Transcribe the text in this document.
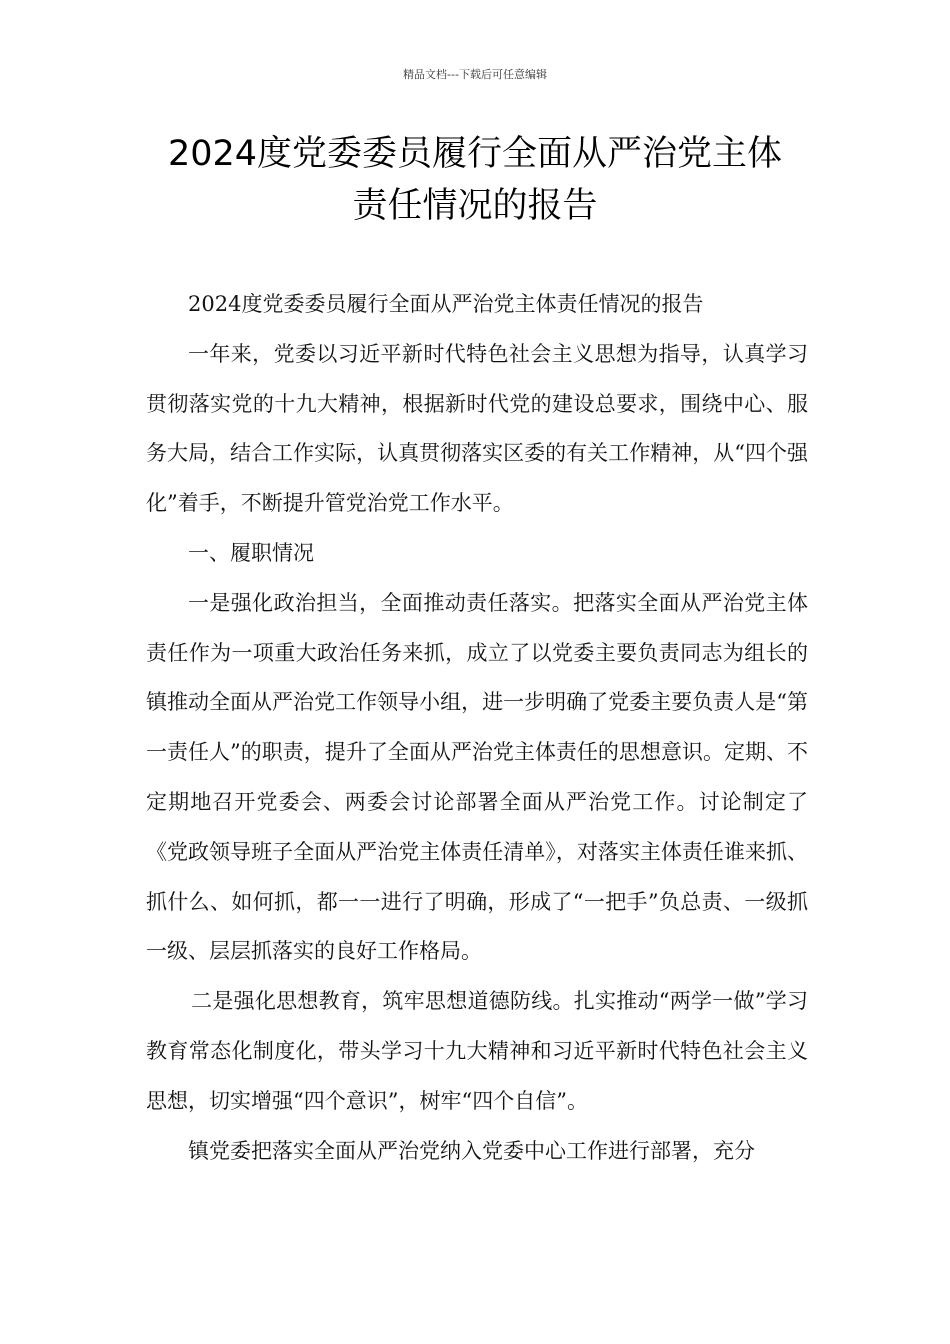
精品文档---下载后可任意编辑
2024度党委委员履行全面从严治党主体
责任情况的报告

2024度党委委员履行全面从严治党主体责任情况的报告

一年来，党委以习近平新时代特色社会主义思想为指导，认真学习贯彻落实党的十九大精神，根据新时代党的建设总要求，围绕中心、服务大局，结合工作实际，认真贯彻落实区委的有关工作精神，从“四个强化”着手，不断提升管党治党工作水平。

一、履职情况

一是强化政治担当，全面推动责任落实。把落实全面从严治党主体责任作为一项重大政治任务来抓，成立了以党委主要负责同志为组长的镇推动全面从严治党工作领导小组，进一步明确了党委主要负责人是“第一责任人”的职责，提升了全面从严治党主体责任的思想意识。定期、不定期地召开党委会、两委会讨论部署全面从严治党工作。讨论制定了《党政领导班子全面从严治党主体责任清单》，对落实主体责任谁来抓、抓什么、如何抓，都一一进行了明确，形成了“一把手”负总责、一级抓一级、层层抓落实的良好工作格局。

二是强化思想教育，筑牢思想道德防线。扎实推动“两学一做”学习教育常态化制度化，带头学习十九大精神和习近平新时代特色社会主义思想，切实增强“四个意识”，树牢“四个自信”。

镇党委把落实全面从严治党纳入党委中心工作进行部署，充分
